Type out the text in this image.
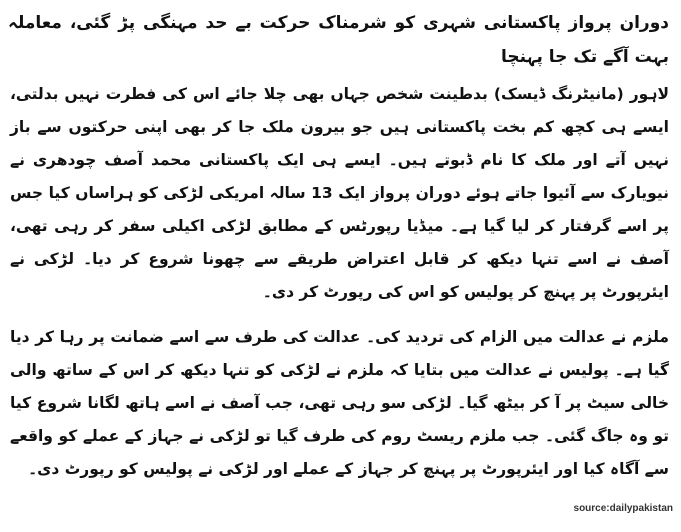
دوران پرواز پاکستانی شہری کو شرمناک حرکت بے حد مہنگی پڑ گئی، معاملہ بہت آگے تک جا پہنچا

لاہور (مانیٹرنگ ڈیسک) بدطینت شخص جہاں بھی چلا جائے اس کی فطرت نہیں بدلتی، ایسے ہی کچھ کم بخت پاکستانی ہیں جو بیرون ملک جا کر بھی اپنی حرکتوں سے باز نہیں آتے اور ملک کا نام ڈبوتے ہیں۔ ایسے ہی ایک پاکستانی محمد آصف چودھری نے نیویارک سے آئیوا جاتے ہوئے دوران پرواز ایک 13 سالہ امریکی لڑکی کو ہراساں کیا جس پر اسے گرفتار کر لیا گیا ہے۔ میڈیا رپورٹس کے مطابق لڑکی اکیلی سفر کر رہی تھی، آصف نے اسے تنہا دیکھ کر قابل اعتراض طریقے سے چھونا شروع کر دیا۔ لڑکی نے ایئرپورٹ پر پہنچ کر پولیس کو اس کی رپورٹ کر دی۔

ملزم نے عدالت میں الزام کی تردید کی۔ عدالت کی طرف سے اسے ضمانت پر رہا کر دیا گیا ہے۔ پولیس نے عدالت میں بتایا کہ ملزم نے لڑکی کو تنہا دیکھ کر اس کے ساتھ والی خالی سیٹ پر آ کر بیٹھ گیا۔ لڑکی سو رہی تھی، جب آصف نے اسے ہاتھ لگانا شروع کیا تو وہ جاگ گئی۔ جب ملزم ریسٹ روم کی طرف گیا تو لڑکی نے جہاز کے عملے کو واقعے سے آگاہ کیا اور ایئرپورٹ پر پہنچ کر جہاز کے عملے اور لڑکی نے پولیس کو رپورٹ دی۔

source:dailypakistan
